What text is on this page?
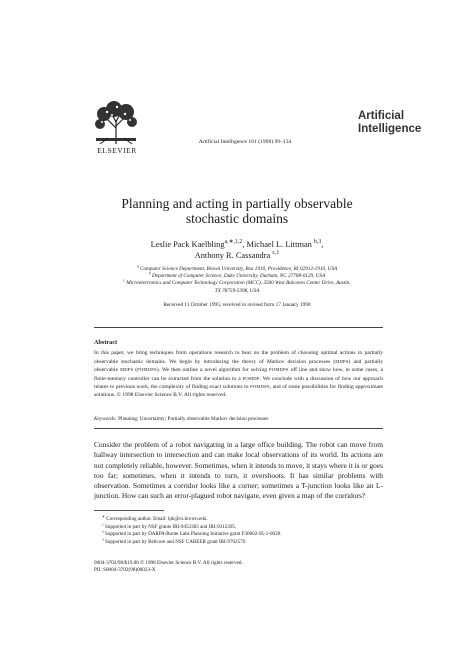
ELSEVIER
Artificial Intelligence 101 (1998) 99–134
Artificial
Intelligence
Planning and acting in partially observable
stochastic domains
Leslie Pack Kaelbling$^{a,∗,1,2}$, Michael L. Littman $^{b,3}$,
Anthony R. Cassandra $^{c,1}$
$^a$ Computer Science Department, Brown University, Box 1910, Providence, RI 02912-1910, USA
$^b$ Department of Computer Science, Duke University, Durham, NC 27708-0129, USA
$^c$ Microelectronics and Computer Technology Corporation (MCC), 3500 West Balcones Center Drive, Austin,
TX 78759-5398, USA
Received 11 October 1995; received in revised form 17 January 1998
Abstract
In this paper, we bring techniques from operations research to bear on the problem of choosing optimal actions in partially observable stochastic domains. We begin by introducing the theory of Markov decision processes (MDPS) and partially observable MDPS (POMDPS). We then outline a novel algorithm for solving POMDPS off line and show how, in some cases, a finite-memory controller can be extracted from the solution to a POMDP. We conclude with a discussion of how our approach relates to previous work, the complexity of finding exact solutions to POMDPS, and of some possibilities for finding approximate solutions. © 1998 Elsevier Science B.V. All rights reserved.
Keywords: Planning; Uncertainty; Partially observable Markov decision processes
Consider the problem of a robot navigating in a large office building. The robot can move from hallway intersection to intersection and can make local observations of its world. Its actions are not completely reliable, however. Sometimes, when it intends to move, it stays where it is or goes too far; sometimes, when it intends to turn, it overshoots. It has similar problems with observation. Sometimes a corridor looks like a corner; sometimes a T-junction looks like an L-junction. How can such an error-plagued robot navigate, even given a map of the corridors?
∗ Corresponding author. Email: lpk@cs.brown.edu.
$^1$ Supported in part by NSF grants IRI-9453383 and IRI-9312395.
$^2$ Supported in part by DARPA/Rome Labs Planning Initiative grant F30602-95-1-0020.
$^3$ Supported in part by Bellcore and NSF CAREER grant IRI-9702576.
0004-3702/98/$19.00 © 1998 Elsevier Science B.V. All rights reserved.
PII: S0004-3702(98)00023-X
